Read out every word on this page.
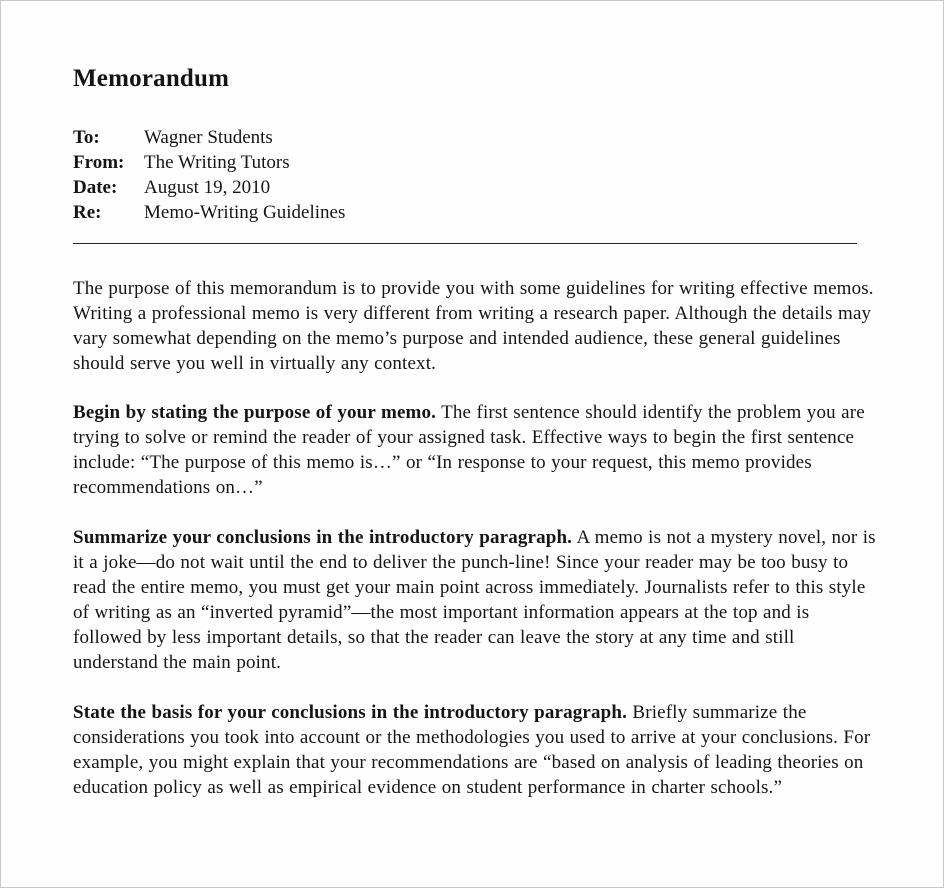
Memorandum
To: Wagner Students
From: The Writing Tutors
Date: August 19, 2010
Re: Memo-Writing Guidelines

The purpose of this memorandum is to provide you with some guidelines for writing effective memos. Writing a professional memo is very different from writing a research paper. Although the details may vary somewhat depending on the memo’s purpose and intended audience, these general guidelines should serve you well in virtually any context.

Begin by stating the purpose of your memo. The first sentence should identify the problem you are trying to solve or remind the reader of your assigned task. Effective ways to begin the first sentence include: “The purpose of this memo is…” or “In response to your request, this memo provides recommendations on…”

Summarize your conclusions in the introductory paragraph. A memo is not a mystery novel, nor is it a joke—do not wait until the end to deliver the punch-line! Since your reader may be too busy to read the entire memo, you must get your main point across immediately. Journalists refer to this style of writing as an “inverted pyramid”—the most important information appears at the top and is followed by less important details, so that the reader can leave the story at any time and still understand the main point.

State the basis for your conclusions in the introductory paragraph. Briefly summarize the considerations you took into account or the methodologies you used to arrive at your conclusions. For example, you might explain that your recommendations are “based on analysis of leading theories on education policy as well as empirical evidence on student performance in charter schools.”
